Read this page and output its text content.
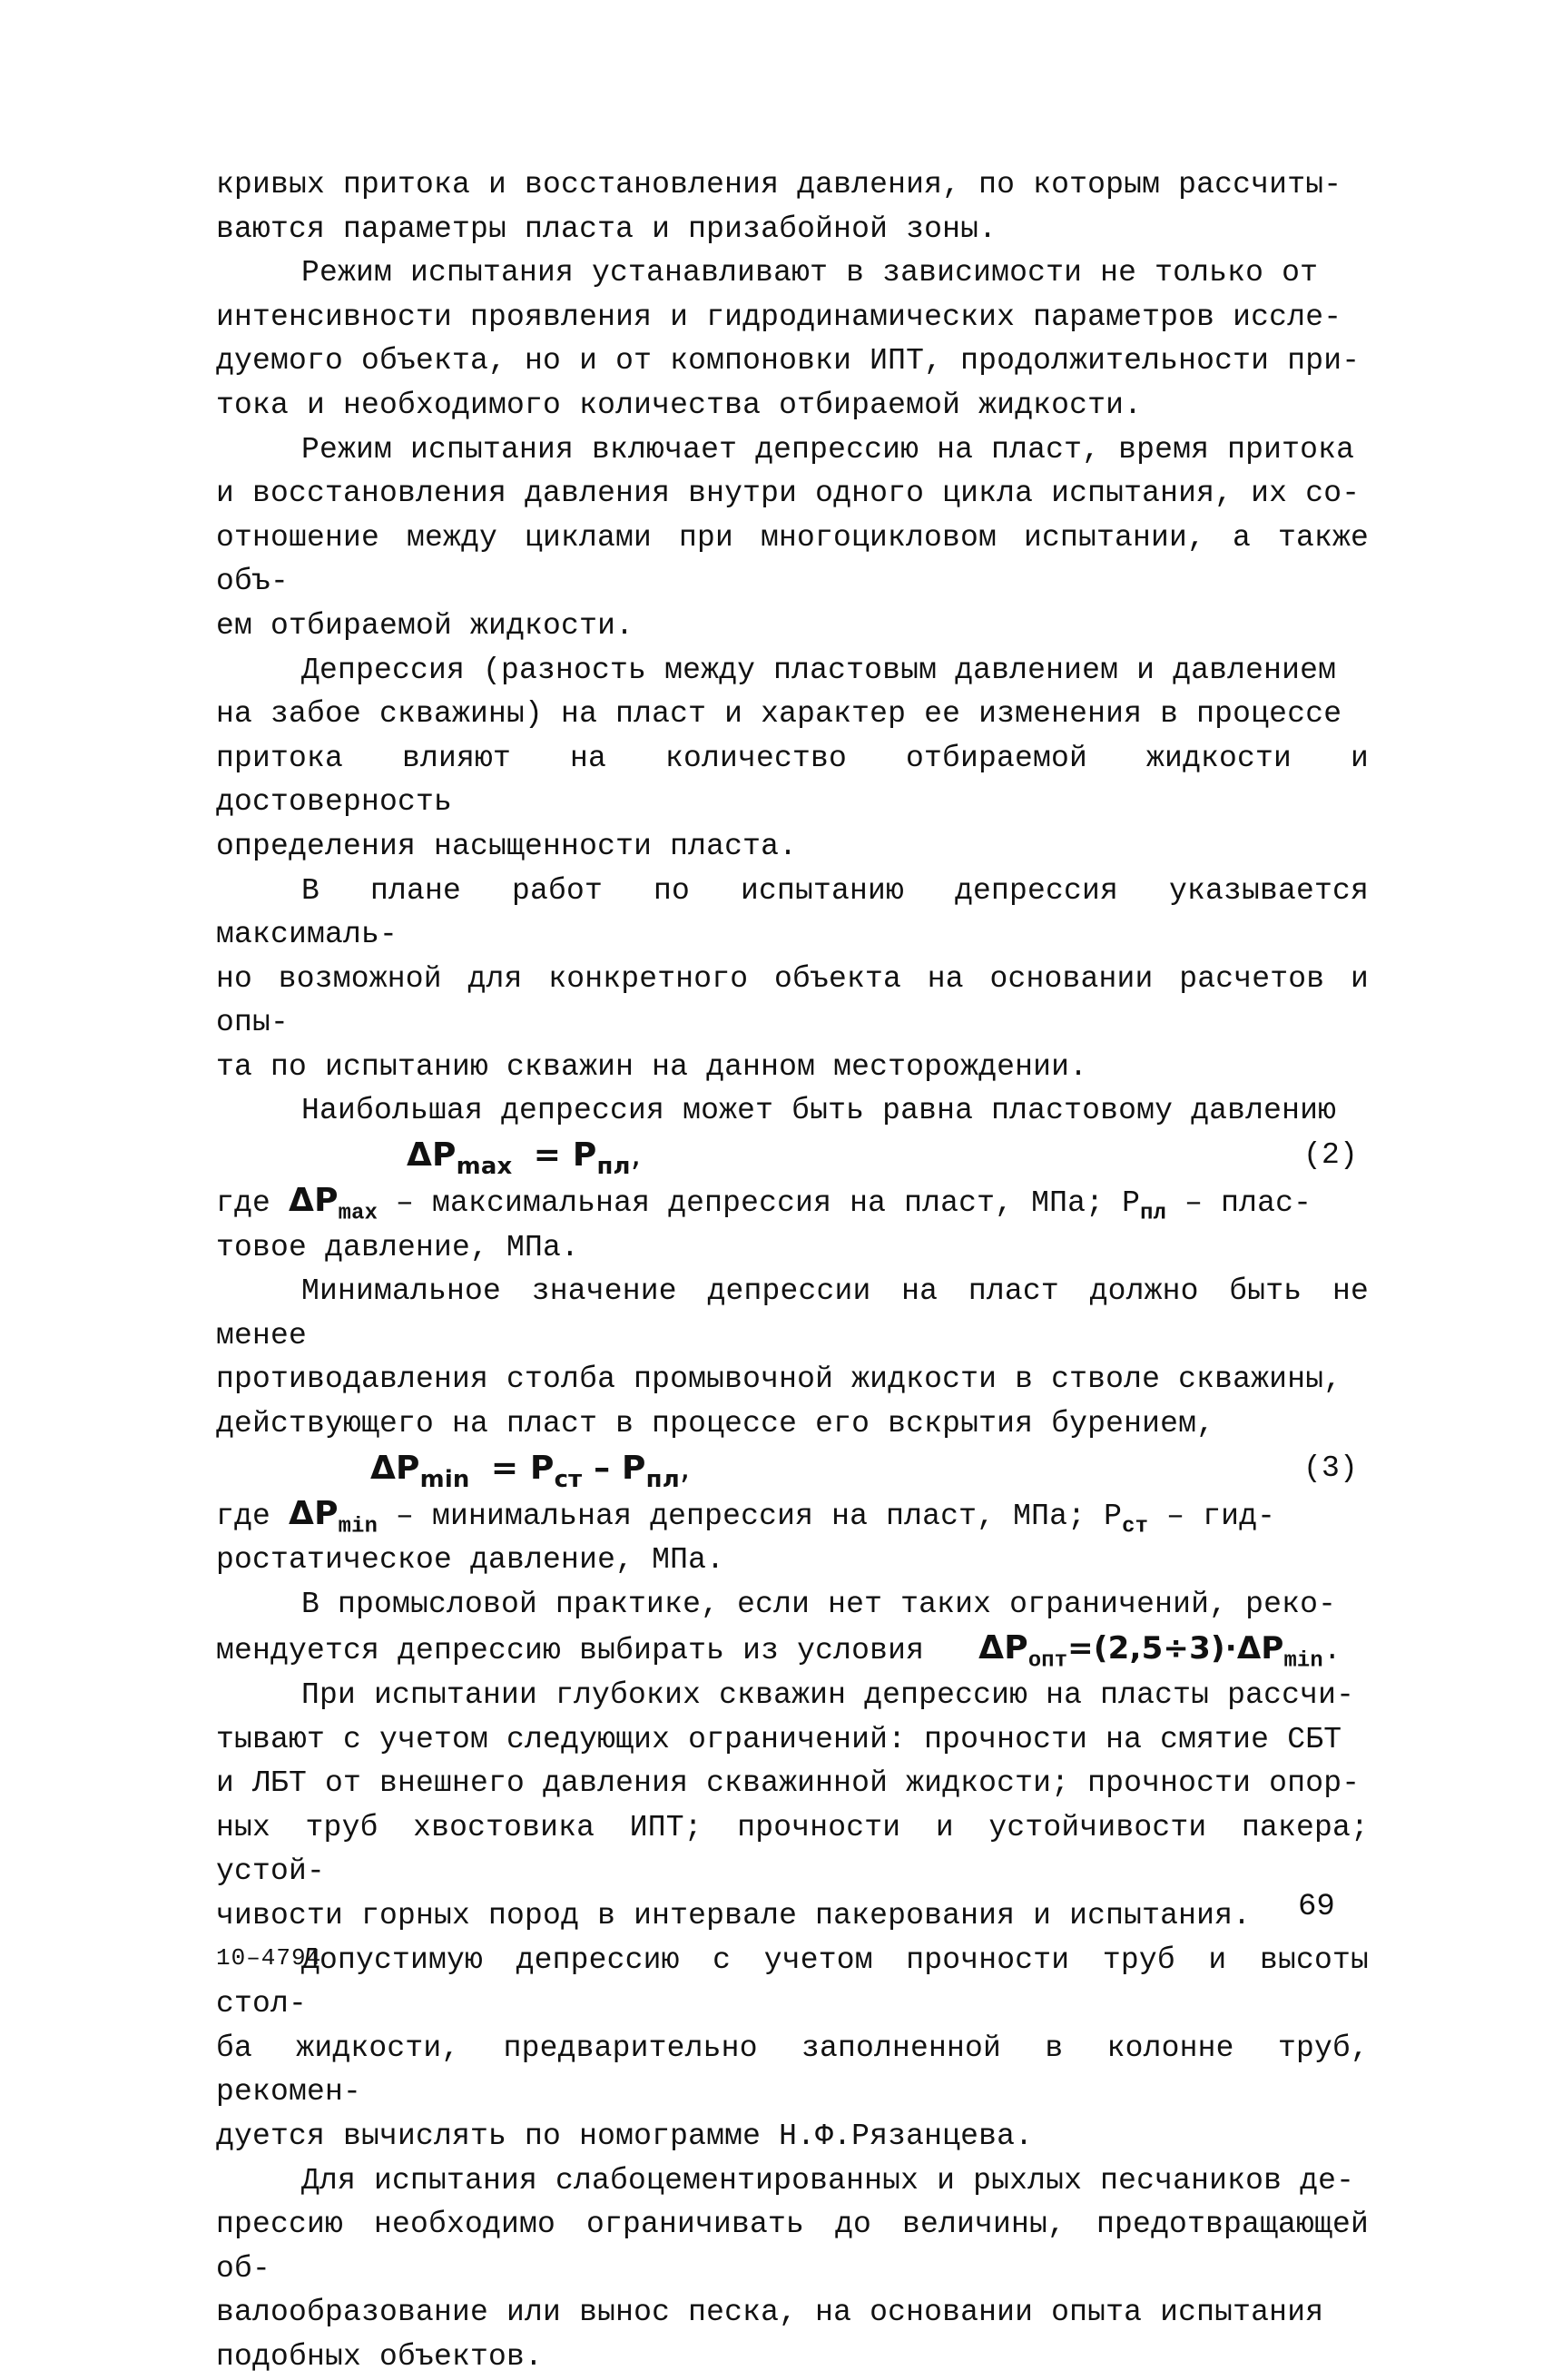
кривых притока и восстановления давления, по которым рассчиты-
ваются параметры пласта и призабойной зоны.

Режим испытания устанавливают в зависимости не только от
интенсивности проявления и гидродинамических параметров иссле-
дуемого объекта, но и от компоновки ИПТ, продолжительности при-
тока и необходимого количества отбираемой жидкости.

Режим испытания включает депрессию на пласт, время притока
и восстановления давления внутри одного цикла испытания, их со-
отношение между циклами при многоцикловом испытании, а также объ-
ем отбираемой жидкости.

Депрессия (разность между пластовым давлением и давлением
на забое скважины) на пласт и характер ее изменения в процессе
притока влияют на количество отбираемой жидкости и достоверность
определения насыщенности пласта.

В плане работ по испытанию депрессия указывается максималь-
но возможной для конкретного объекта на основании расчетов и опы-
та по испытанию скважин на данном месторождении.

Наибольшая депрессия может быть равна пластовому давлению

$\Delta P_{max} = P_{пл}$,	(2)

где $\Delta P_{max}$ – максимальная депрессия на пласт, МПа; $P_{пл}$ – плас-
товое давление, МПа.

Минимальное значение депрессии на пласт должно быть не менее
противодавления столба промывочной жидкости в стволе скважины,
действующего на пласт в процессе его вскрытия бурением,

$\Delta P_{min} = P_{ст} - P_{пл}$,	(3)

где $\Delta P_{min}$ – минимальная депрессия на пласт, МПа; $P_{ст} - гид-$
ростатическое давление, МПа.

В промысловой практике, если нет таких ограничений, реко-
мендуется депрессию выбирать из условия $\Delta P_{опт}=(2,5\div 3)\cdot\Delta P_{min}$.

При испытании глубоких скважин депрессию на пласты рассчи-
тывают с учетом следующих ограничений: прочности на смятие СБТ
и ЛБТ от внешнего давления скважинной жидкости; прочности опор-
ных труб хвостовика ИПТ; прочности и устойчивости пакера; устой-
чивости горных пород в интервале пакерования и испытания.

Допустимую депрессию с учетом прочности труб и высоты стол-
ба жидкости, предварительно заполненной в колонне труб, рекомен-
дуется вычислять по номограмме Н.Ф.Рязанцева.

Для испытания слабоцементированных и рыхлых песчаников де-
прессию необходимо ограничивать до величины, предотвращающей об-
валообразование или вынос песка, на основании опыта испытания
подобных объектов.

69
10–4794
